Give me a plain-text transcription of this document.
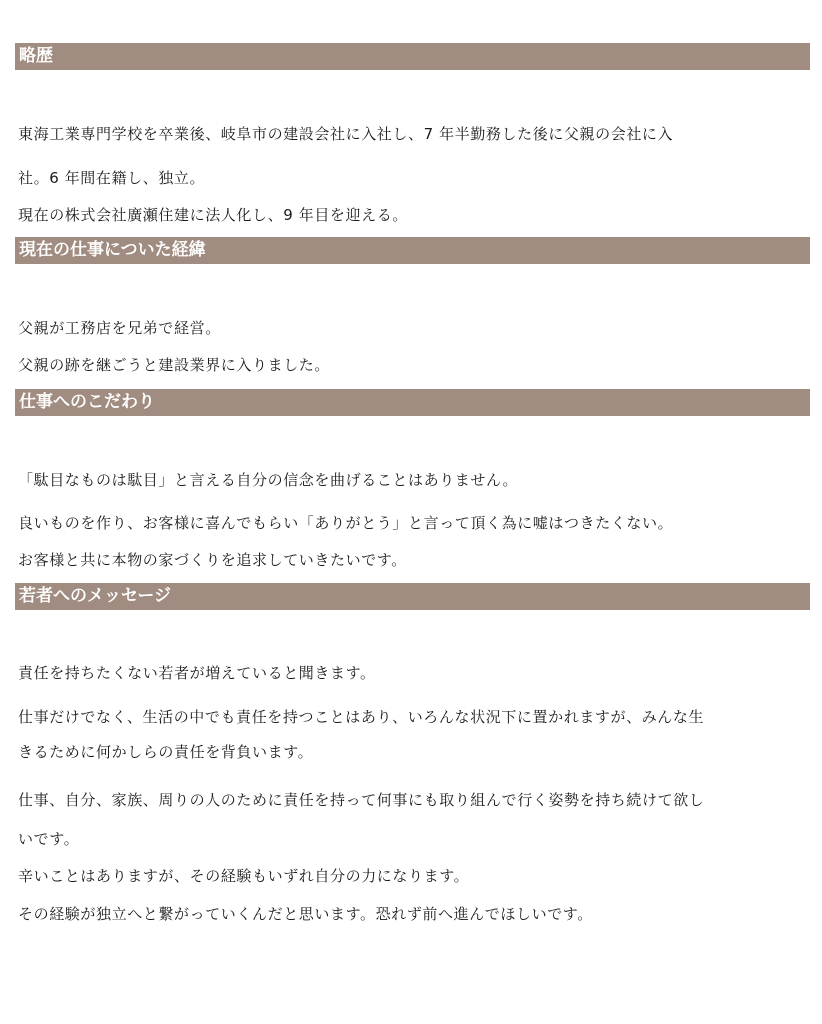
略歴
東海工業専門学校を卒業後、岐阜市の建設会社に入社し、7 年半勤務した後に父親の会社に入
社。6 年間在籍し、独立。
現在の株式会社廣瀬住建に法人化し、9 年目を迎える。
現在の仕事についた経緯
父親が工務店を兄弟で経営。
父親の跡を継ごうと建設業界に入りました。
仕事へのこだわり
「駄目なものは駄目」と言える自分の信念を曲げることはありません。
良いものを作り、お客様に喜んでもらい「ありがとう」と言って頂く為に嘘はつきたくない。
お客様と共に本物の家づくりを追求していきたいです。
若者へのメッセージ
責任を持ちたくない若者が増えていると聞きます。
仕事だけでなく、生活の中でも責任を持つことはあり、いろんな状況下に置かれますが、みんな生
きるために何かしらの責任を背負います。
仕事、自分、家族、周りの人のために責任を持って何事にも取り組んで行く姿勢を持ち続けて欲し
いです。
辛いことはありますが、その経験もいずれ自分の力になります。
その経験が独立へと繋がっていくんだと思います。恐れず前へ進んでほしいです。
